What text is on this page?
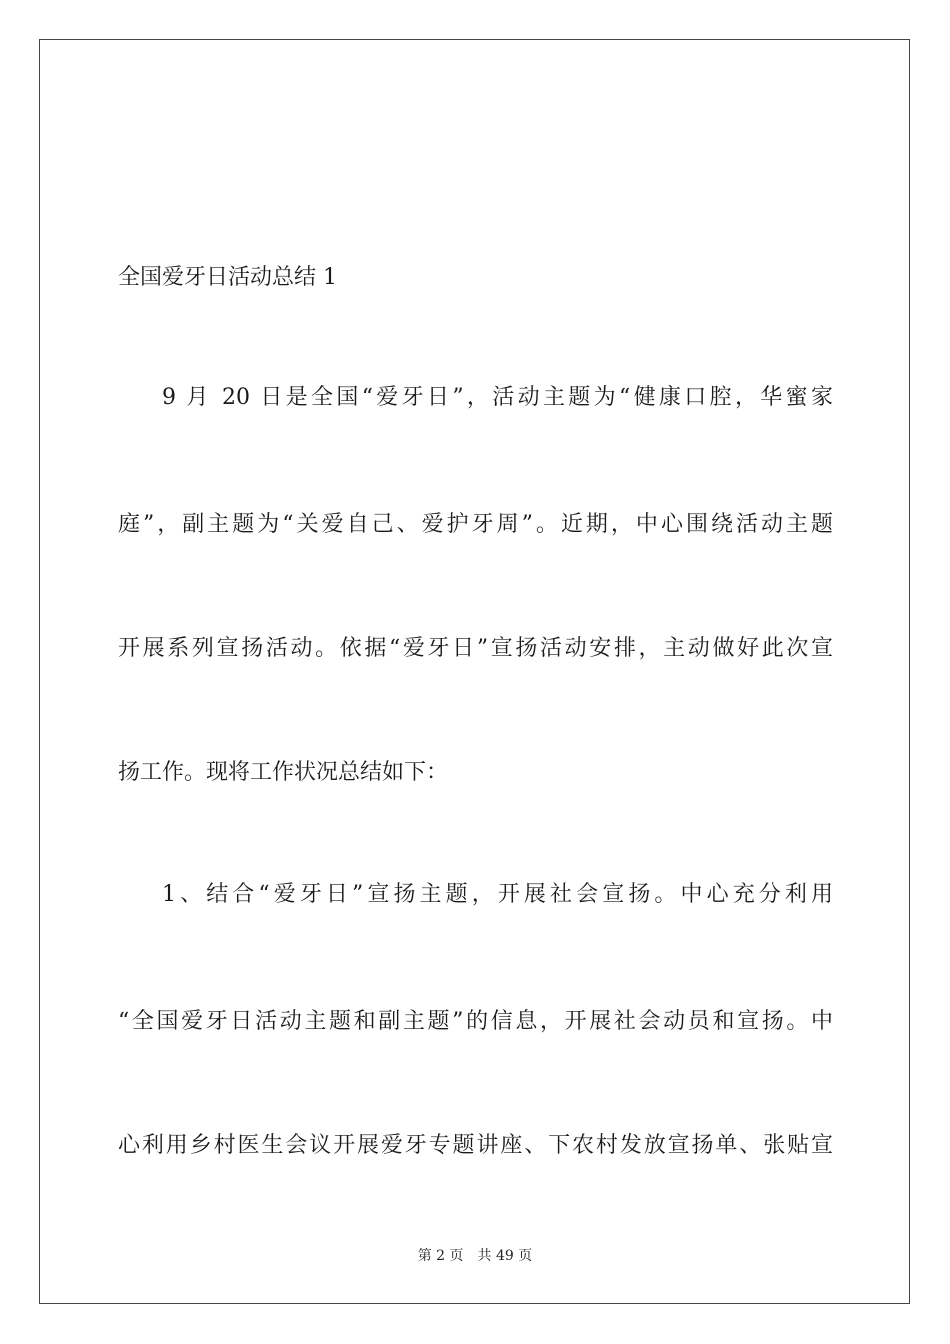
全国爱牙日活动总结 1
9 月 20 日是全国“爱牙日”，活动主题为“健康口腔，华蜜家
庭”，副主题为“关爱自己、爱护牙周”。近期，中心围绕活动主题
开展系列宣扬活动。依据“爱牙日”宣扬活动安排，主动做好此次宣
扬工作。现将工作状况总结如下：
1、结合“爱牙日”宣扬主题，开展社会宣扬。中心充分利用
“全国爱牙日活动主题和副主题”的信息，开展社会动员和宣扬。中
心利用乡村医生会议开展爱牙专题讲座、下农村发放宣扬单、张贴宣
第 2 页 共 49 页
